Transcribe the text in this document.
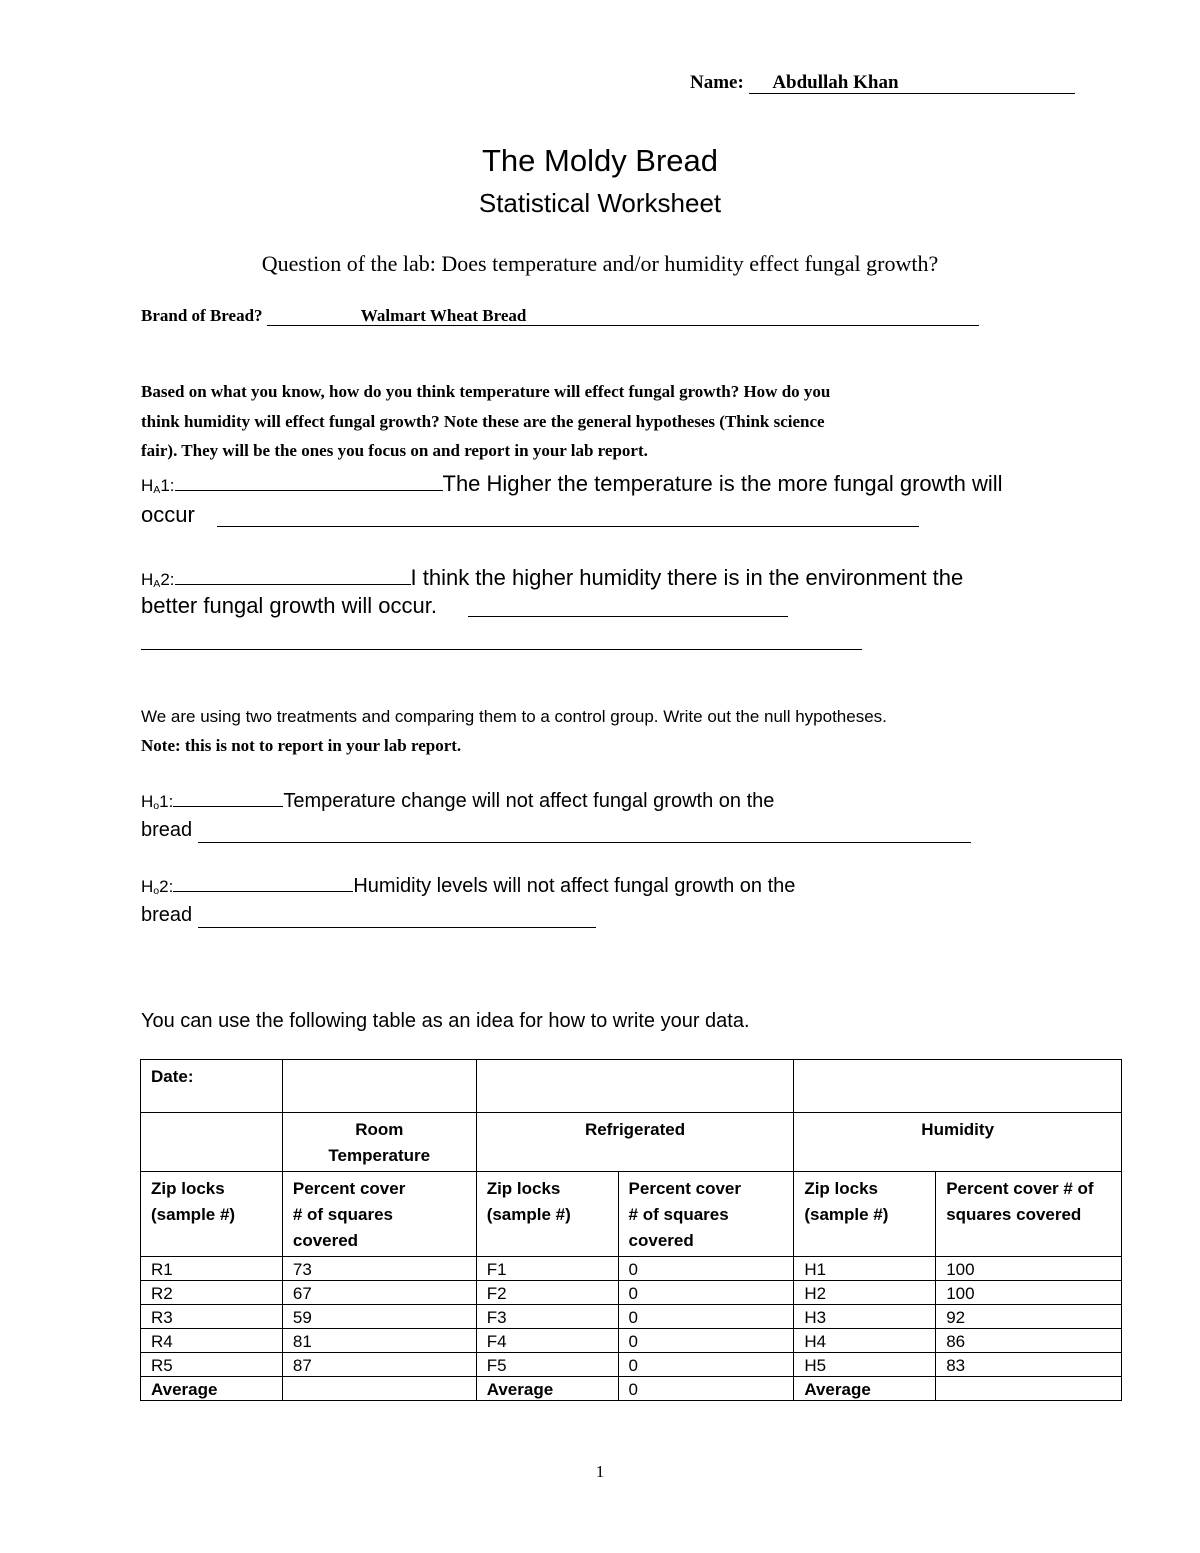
Name: Abdullah Khan
The Moldy Bread
Statistical Worksheet
Question of the lab: Does temperature and/or humidity effect fungal growth?
Brand of Bread?	Walmart Wheat Bread
Based on what you know, how do you think temperature will effect fungal growth? How do you
think humidity will effect fungal growth? Note these are the general hypotheses (Think science
fair). They will be the ones you focus on and report in your lab report.
HA1:	The Higher the temperature is the more fungal growth will
occur
HA2:	I think the higher humidity there is in the environment the
better fungal growth will occur.
We are using two treatments and comparing them to a control group. Write out the null hypotheses.
Note: this is not to report in your lab report.
Ho1:	Temperature change will not affect fungal growth on the
bread
Ho2:	Humidity levels will not affect fungal growth on the
bread
You can use the following table as an idea for how to write your data.
Date:					
	Room
Temperature	Refrigerated		Humidity	
Zip locks
(sample #)	Percent cover
# of squares
covered	Zip locks
(sample #)	Percent cover
# of squares
covered	Zip locks
(sample #)	Percent cover # of
squares covered
R1	73	F1	0	H1	100
R2	67	F2	0	H2	100
R3	59	F3	0	H3	92
R4	81	F4	0	H4	86
R5	87	F5	0	H5	83
Average		Average	0	Average	
1
